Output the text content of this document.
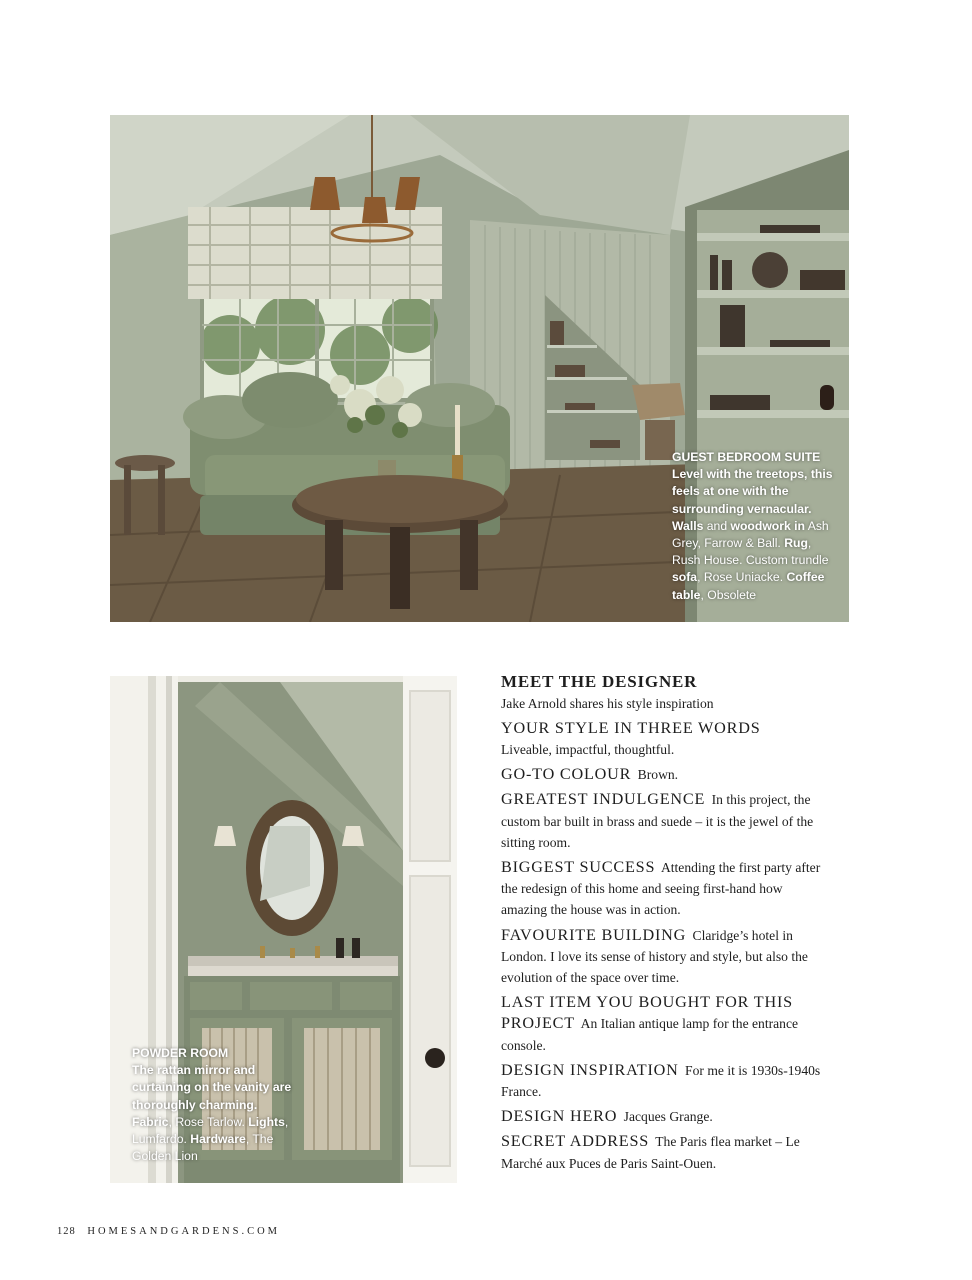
GUEST BEDROOM SUITE

Level with the treetops, this feels at one with the surrounding vernacular.
Walls and woodwork in Ash Grey, Farrow & Ball. Rug, Rush House. Custom trundle sofa, Rose Uniacke. Coffee table, Obsolete
POWDER ROOM

The rattan mirror and curtaining on the vanity are thoroughly charming.
Fabric, Rose Tarlow. Lights, Lumfardo. Hardware, The Golden Lion
MEET THE DESIGNER
Jake Arnold shares his style inspiration
YOUR STYLE IN THREE WORDS
Liveable, impactful, thoughtful.
GO-TO COLOUR Brown.
GREATEST INDULGENCE In this project, the custom bar built in brass and suede – it is the jewel of the sitting room.
BIGGEST SUCCESS Attending the first party after the redesign of this home and seeing first-hand how amazing the house was in action.
FAVOURITE BUILDING Claridge’s hotel in London. I love its sense of history and style, but also the evolution of the space over time.
LAST ITEM YOU BOUGHT FOR THIS PROJECT An Italian antique lamp for the entrance console.
DESIGN INSPIRATION For me it is 1930s-1940s France.
DESIGN HERO Jacques Grange.
SECRET ADDRESS The Paris flea market – Le Marché aux Puces de Paris Saint-Ouen.
128 HOMESANDGARDENS.COM
